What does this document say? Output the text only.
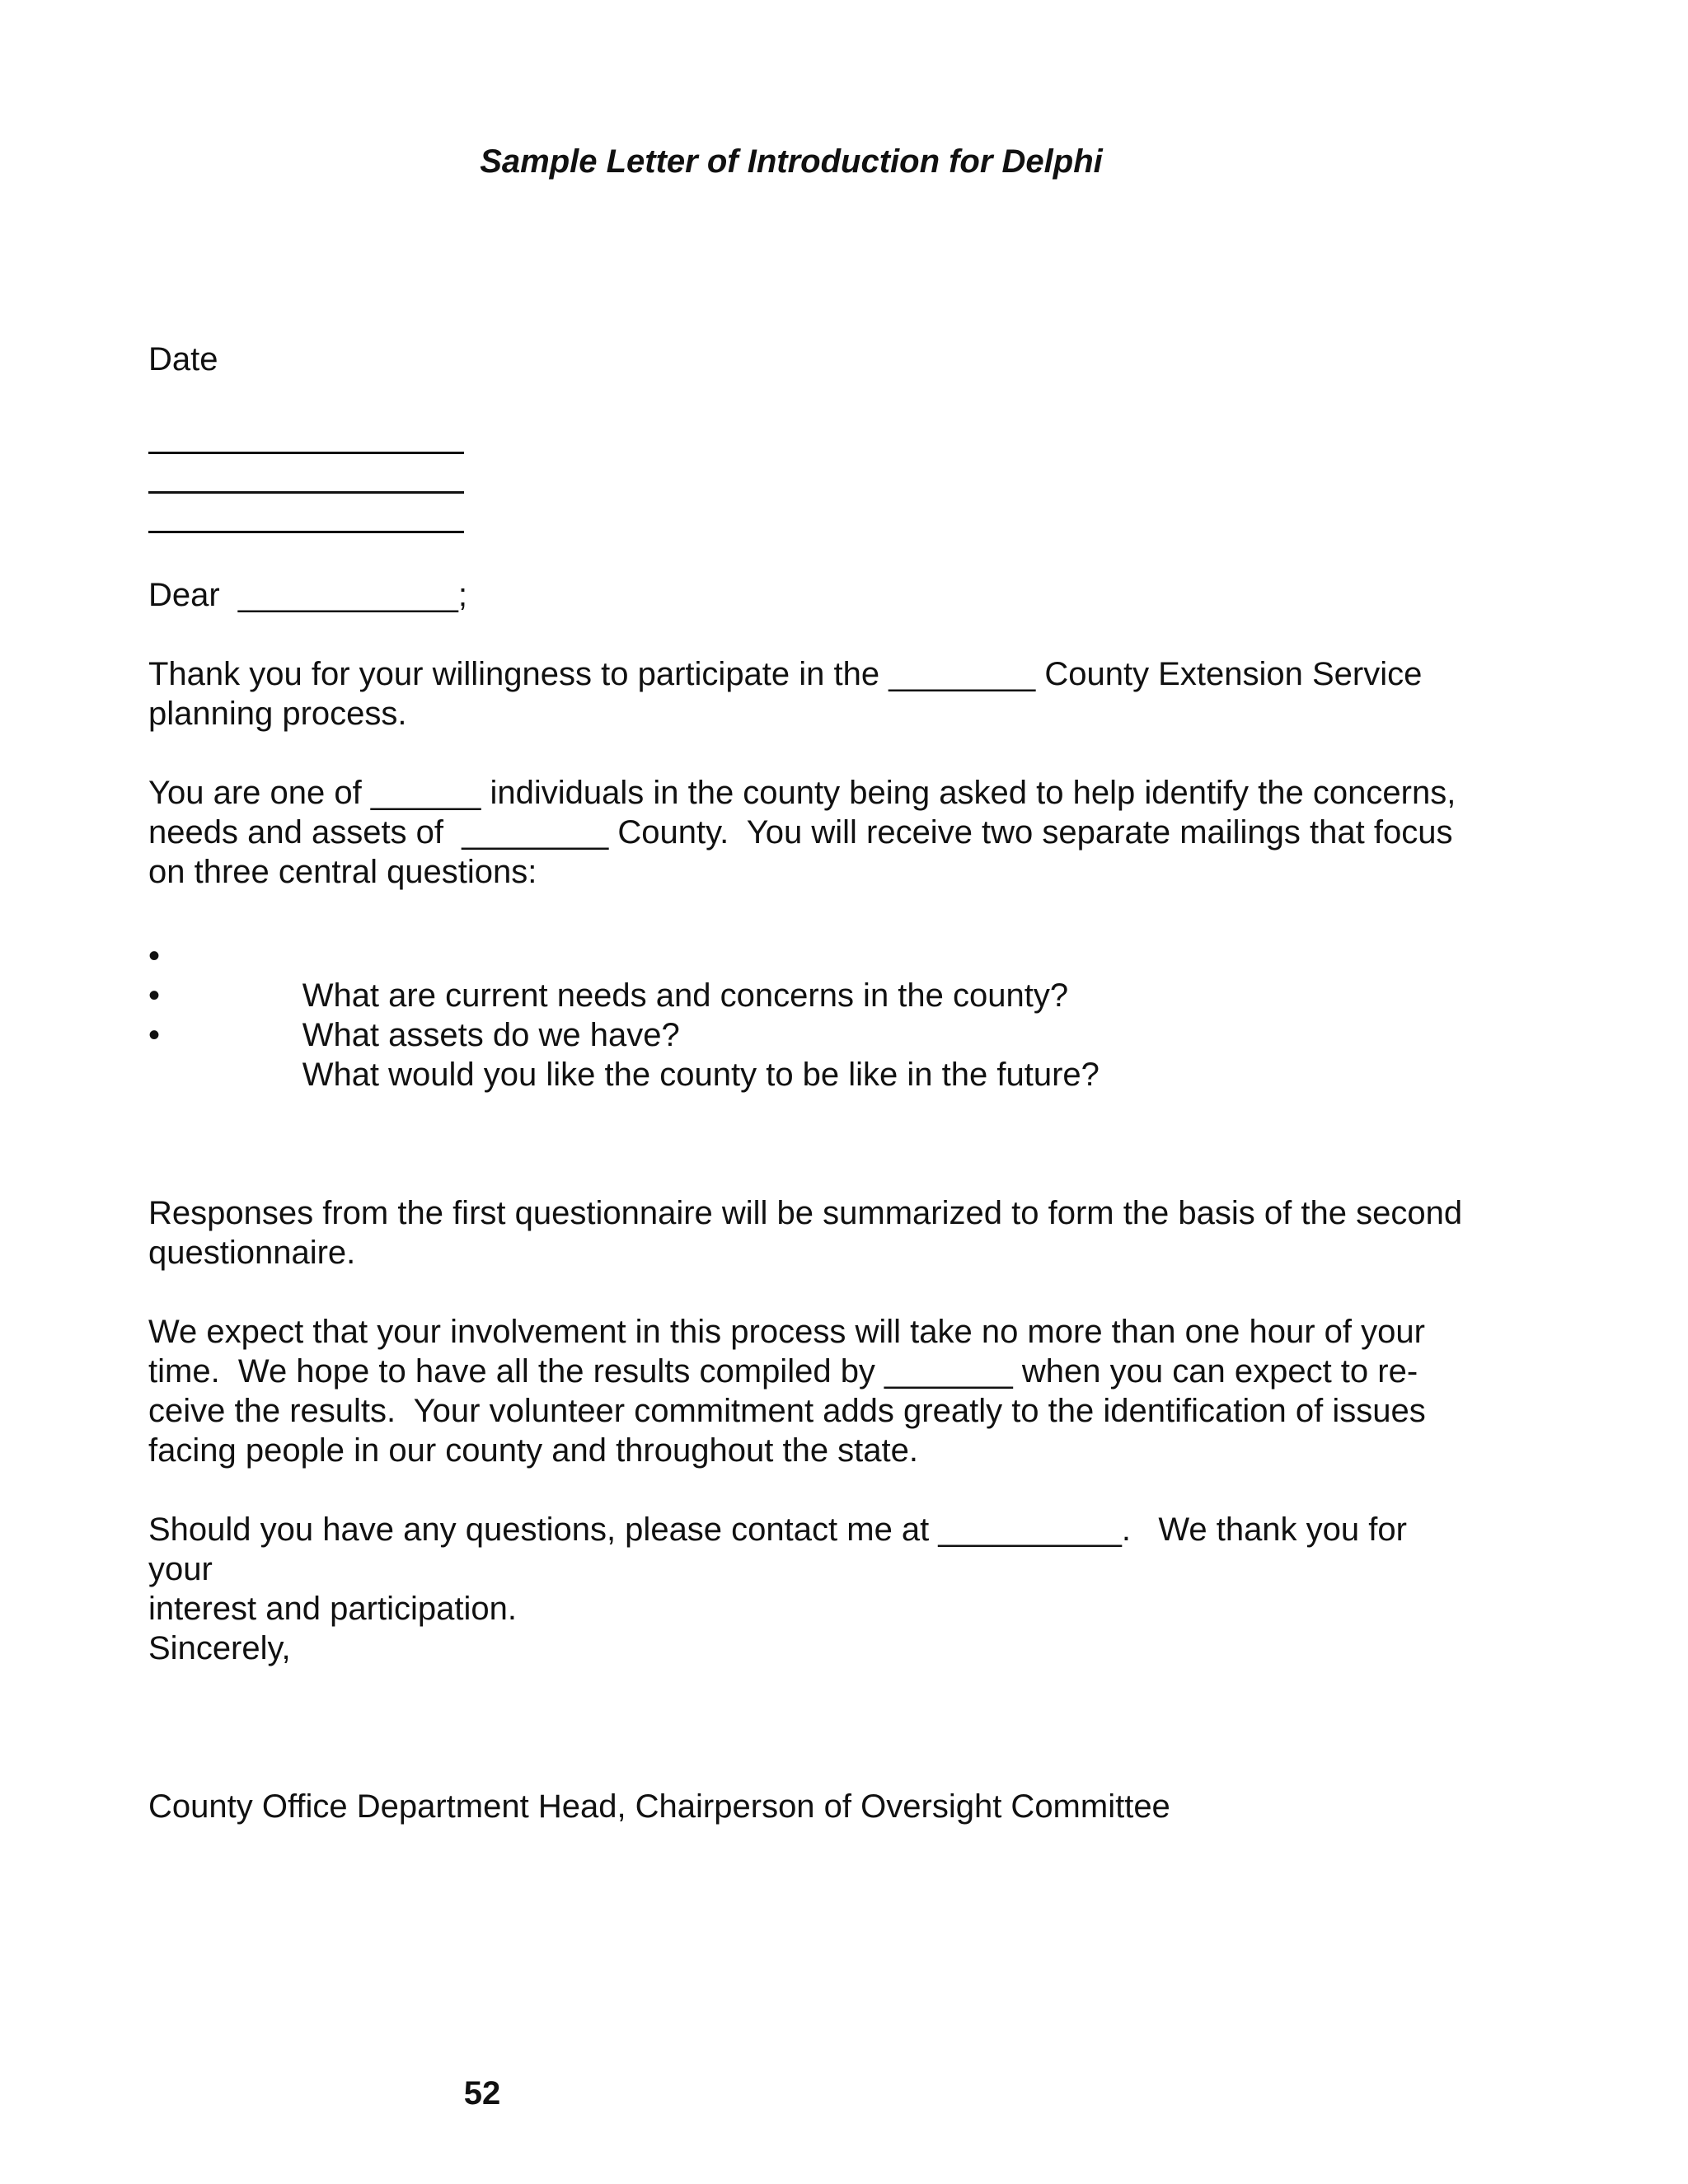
Sample Letter of Introduction for Delphi
Date
Dear  ____________;
Thank you for your willingness to participate in the ________ County Extension Service
planning process.
You are one of ______ individuals in the county being asked to help identify the concerns,
needs and assets of  ________ County.  You will receive two separate mailings that focus
on three central questions:

•
What are current needs and concerns in the county?

•
What assets do we have?

•
What would you like the county to be like in the future?

Responses from the first questionnaire will be summarized to form the basis of the second
questionnaire.
We expect that your involvement in this process will take no more than one hour of your
time.  We hope to have all the results compiled by _______ when you can expect to re-
ceive the results.  Your volunteer commitment adds greatly to the identification of issues
facing people in our county and throughout the state.
Should you have any questions, please contact me at __________.   We thank you for your
interest and participation.
Sincerely,
County Office Department Head, Chairperson of Oversight Committee
52
